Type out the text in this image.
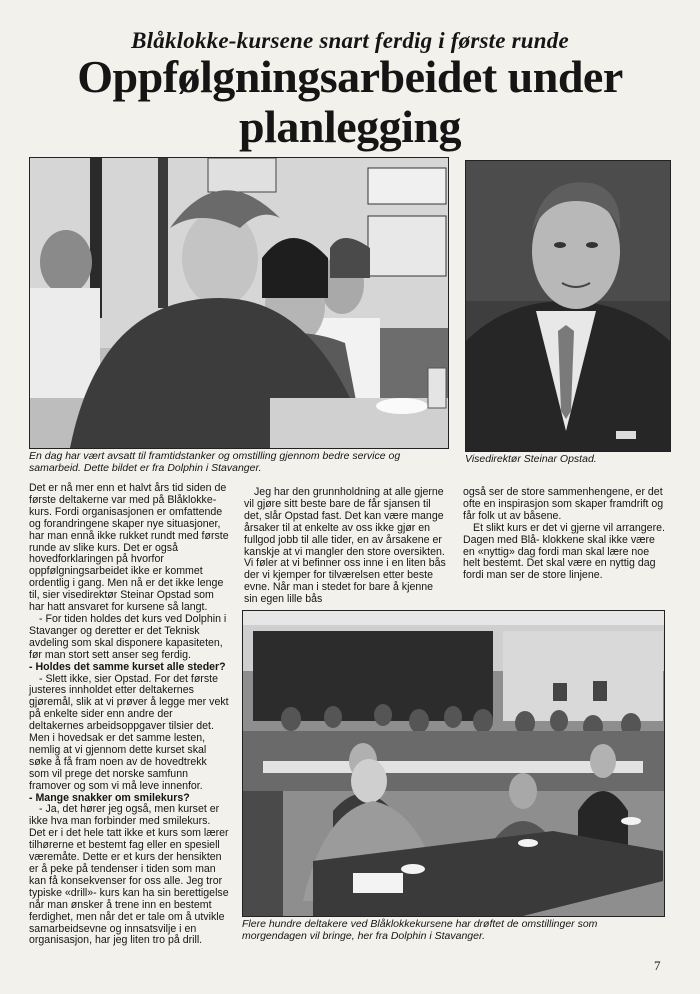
Blåklokke-kursene snart ferdig i første runde
Oppfølgningsarbeidet under
planlegging
En dag har vært avsatt til framtidstanker og omstilling gjennom bedre service og samarbeid. Dette bildet er fra Dolphin i Stavanger.
Visedirektør Steinar Opstad.

Det er nå mer enn et halvt års tid siden de første deltakerne var med på Blåklokke-kurs. Fordi organisasjonen er omfattende og forandringene skaper nye situasjoner, har man ennå ikke rukket rundt med første runde av slike kurs. Det er også hovedforklaringen på hvorfor oppfølgningsarbeidet ikke er kommet ordentlig i gang. Men nå er det ikke lenge til, sier visedirektør Steinar Opstad som har hatt ansvaret for kursene så langt.

- For tiden holdes det kurs ved Dolphin i Stavanger og deretter er det Teknisk avdeling som skal disponere kapasiteten, før man stort sett anser seg ferdig.

- Holdes det samme kurset alle steder?

- Slett ikke, sier Opstad. For det første justeres innholdet etter deltakernes gjøremål, slik at vi prøver å legge mer vekt på enkelte sider enn andre der deltakernes arbeidsoppgaver tilsier det. Men i hovedsak er det samme lesten, nemlig at vi gjennom dette kurset skal søke å få fram noen av de hovedtrekk som vil prege det norske samfunn framover og som vi må leve innenfor.

- Mange snakker om smilekurs?

- Ja, det hører jeg også, men kurset er ikke hva man forbinder med smilekurs. Det er i det hele tatt ikke et kurs som lærer tilhørerne et bestemt fag eller en spesiell væremåte. Dette er et kurs der hensikten er å peke på tendenser i tiden som man kan få konsekvenser for oss alle. Jeg tror typiske «drill»- kurs kan ha sin berettigelse når man ønsker å trene inn en bestemt ferdighet, men når det er tale om å utvikle samarbeidsevne og innsatsvilje i en organisasjon, har jeg liten tro på drill.

Jeg har den grunnholdning at alle gjerne vil gjøre sitt beste bare de får sjansen til det, slår Opstad fast. Det kan være mange årsaker til at enkelte av oss ikke gjør en fullgod jobb til alle tider, en av årsakene er kanskje at vi mangler den store oversikten. Vi føler at vi befinner oss inne i en liten bås der vi kjemper for tilværelsen etter beste evne. Når man i stedet for bare å kjenne sin egen lille bås

også ser de store sammenhengene, er det ofte en inspirasjon som skaper framdrift og får folk ut av båsene.

Et slikt kurs er det vi gjerne vil arrangere. Dagen med Blå- klokkene skal ikke være en «nyttig» dag fordi man skal lære noe helt bestemt. Det skal være en nyttig dag fordi man ser de store linjene.

Flere hundre deltakere ved Blåklokkekursene har drøftet de omstillinger som morgendagen vil bringe, her fra Dolphin i Stavanger.
7
